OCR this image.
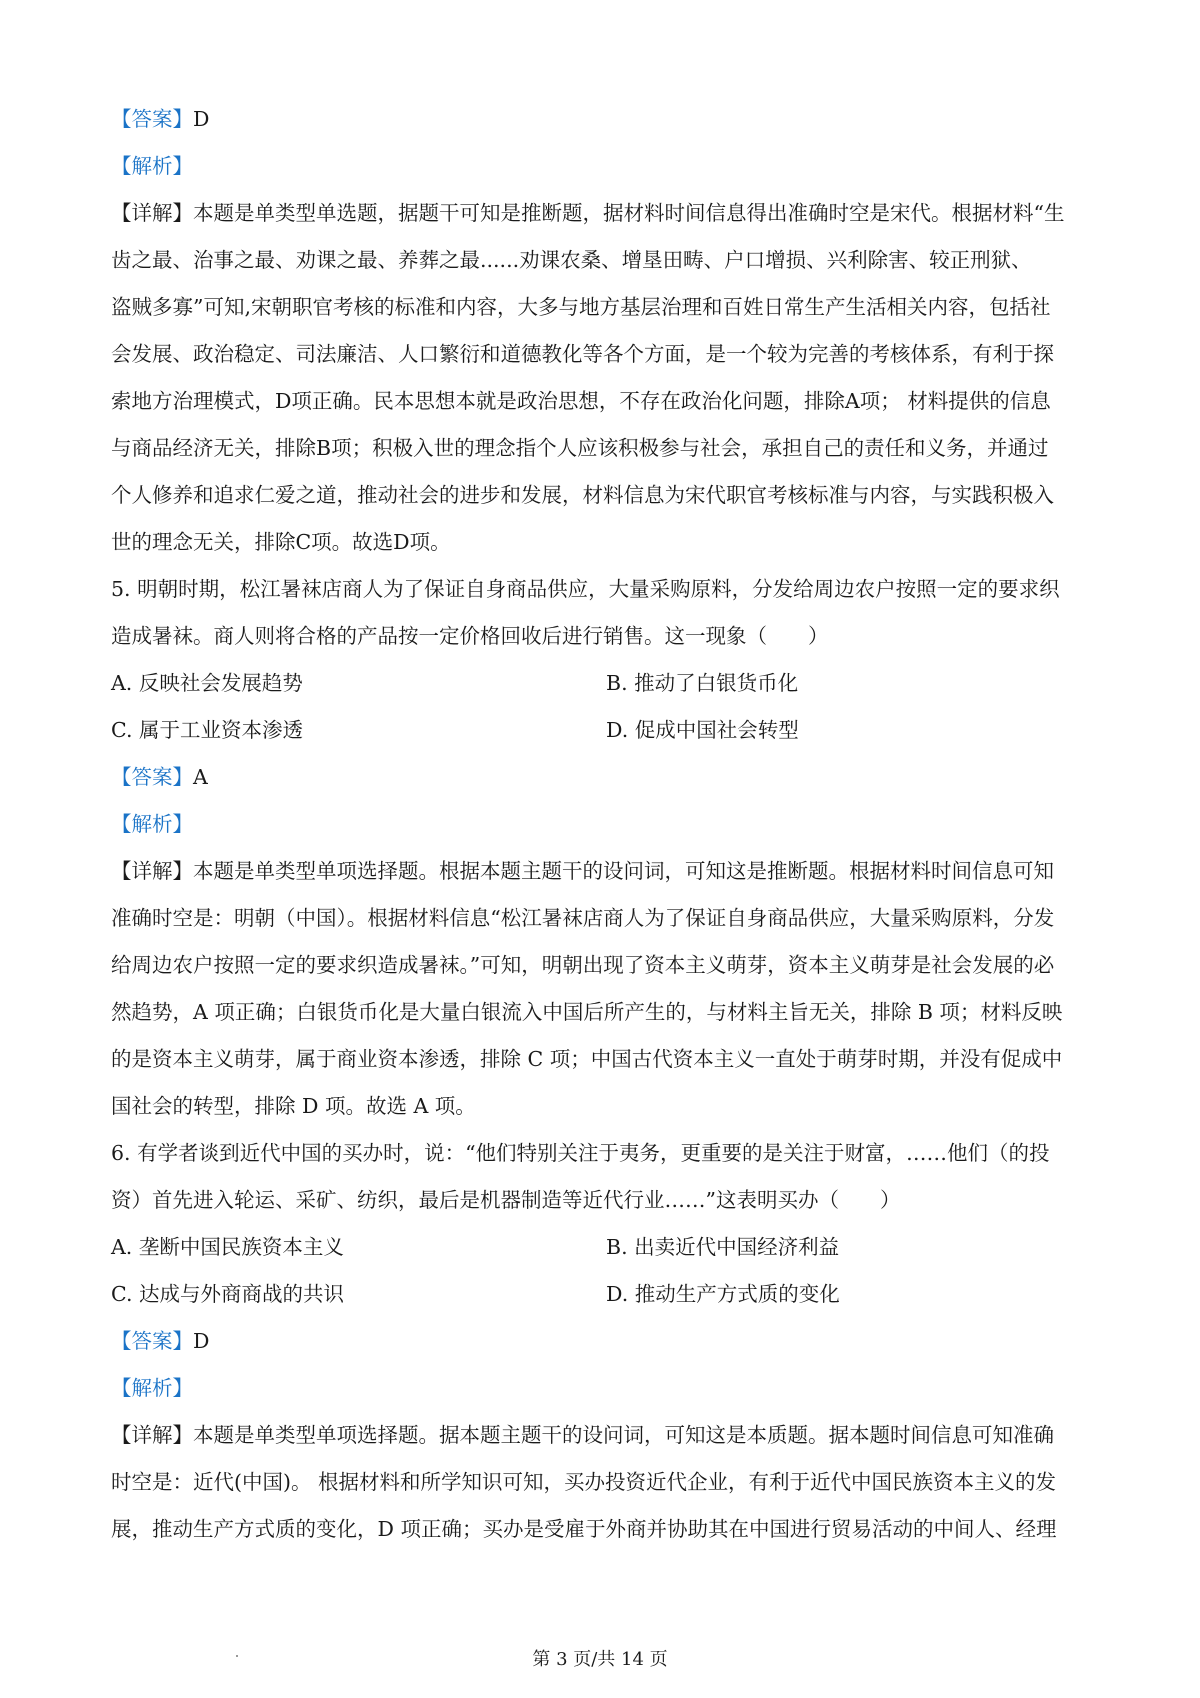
【答案】D
【解析】
【详解】本题是单类型单选题，据题干可知是推断题，据材料时间信息得出准确时空是宋代。根据材料“生
齿之最、治事之最、劝课之最、养葬之最......劝课农桑、增垦田畴、户口增损、兴利除害、较正刑狱、
盗贼多寡”可知,宋朝职官考核的标准和内容，大多与地方基层治理和百姓日常生产生活相关内容，包括社
会发展、政治稳定、司法廉洁、人口繁衍和道德教化等各个方面，是一个较为完善的考核体系，有利于探
索地方治理模式，D项正确。民本思想本就是政治思想，不存在政治化问题，排除A项； 材料提供的信息
与商品经济无关，排除B项；积极入世的理念指个人应该积极参与社会，承担自己的责任和义务，并通过
个人修养和追求仁爱之道，推动社会的进步和发展，材料信息为宋代职官考核标准与内容，与实践积极入
世的理念无关，排除C项。故选D项。
5. 明朝时期，松江暑袜店商人为了保证自身商品供应，大量采购原料，分发给周边农户按照一定的要求织
造成暑袜。商人则将合格的产品按一定价格回收后进行销售。这一现象（　　）
A. 反映社会发展趋势	B. 推动了白银货币化
C. 属于工业资本渗透	D. 促成中国社会转型
【答案】A
【解析】
【详解】本题是单类型单项选择题。根据本题主题干的设问词，可知这是推断题。根据材料时间信息可知
准确时空是：明朝（中国）。根据材料信息“松江暑袜店商人为了保证自身商品供应，大量采购原料，分发
给周边农户按照一定的要求织造成暑袜。”可知，明朝出现了资本主义萌芽，资本主义萌芽是社会发展的必
然趋势，A 项正确；白银货币化是大量白银流入中国后所产生的，与材料主旨无关，排除 B 项；材料反映
的是资本主义萌芽，属于商业资本渗透，排除 C 项；中国古代资本主义一直处于萌芽时期，并没有促成中
国社会的转型，排除 D 项。故选 A 项。
6. 有学者谈到近代中国的买办时，说：“他们特别关注于夷务，更重要的是关注于财富，……他们（的投
资）首先进入轮运、采矿、纺织，最后是机器制造等近代行业……”这表明买办（　　）
A. 垄断中国民族资本主义	B. 出卖近代中国经济利益
C. 达成与外商商战的共识	D. 推动生产方式质的变化
【答案】D
【解析】
【详解】本题是单类型单项选择题。据本题主题干的设问词，可知这是本质题。据本题时间信息可知准确
时空是：近代(中国)。 根据材料和所学知识可知，买办投资近代企业，有利于近代中国民族资本主义的发
展，推动生产方式质的变化，D 项正确；买办是受雇于外商并协助其在中国进行贸易活动的中间人、经理
第 3 页/共 14 页
